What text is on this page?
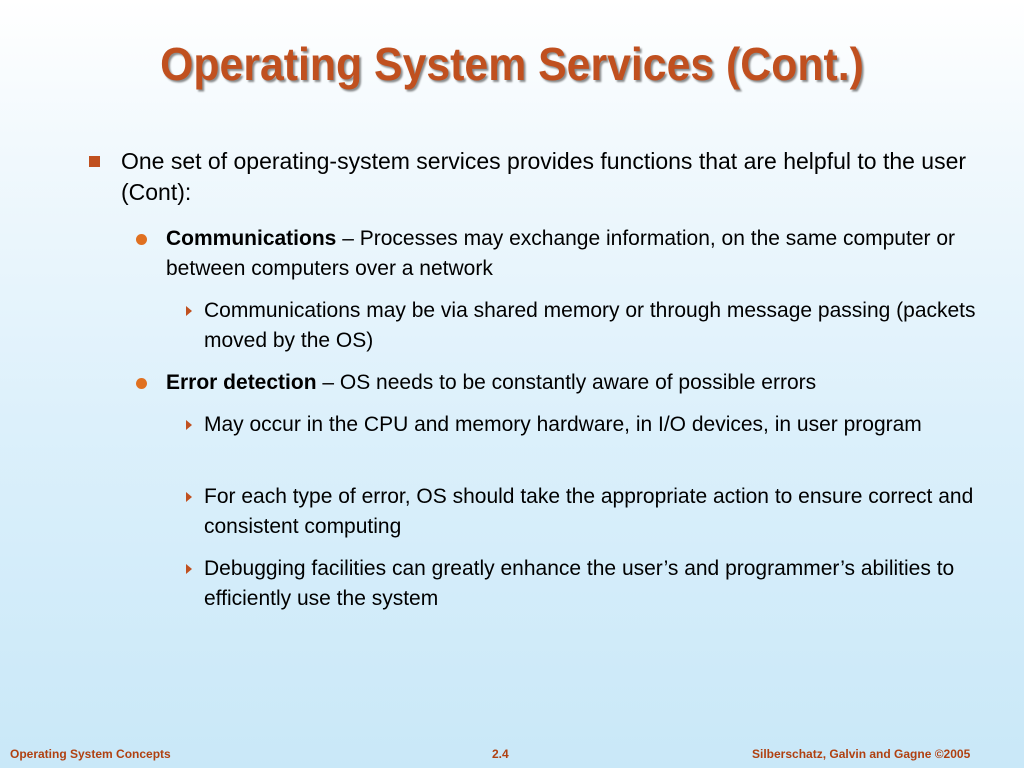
Operating System Services (Cont.)
One set of operating-system services provides functions that are helpful to the user (Cont):
Communications – Processes may exchange information, on the same computer or between computers over a network
Communications may be via shared memory or through message passing (packets moved by the OS)
Error detection – OS needs to be constantly aware of possible errors
May occur in the CPU and memory hardware, in I/O devices, in user program
For each type of error, OS should take the appropriate action to ensure correct and consistent computing
Debugging facilities can greatly enhance the user’s and programmer’s abilities to efficiently use the system
Operating System Concepts	2.4	Silberschatz, Galvin and Gagne ©2005
